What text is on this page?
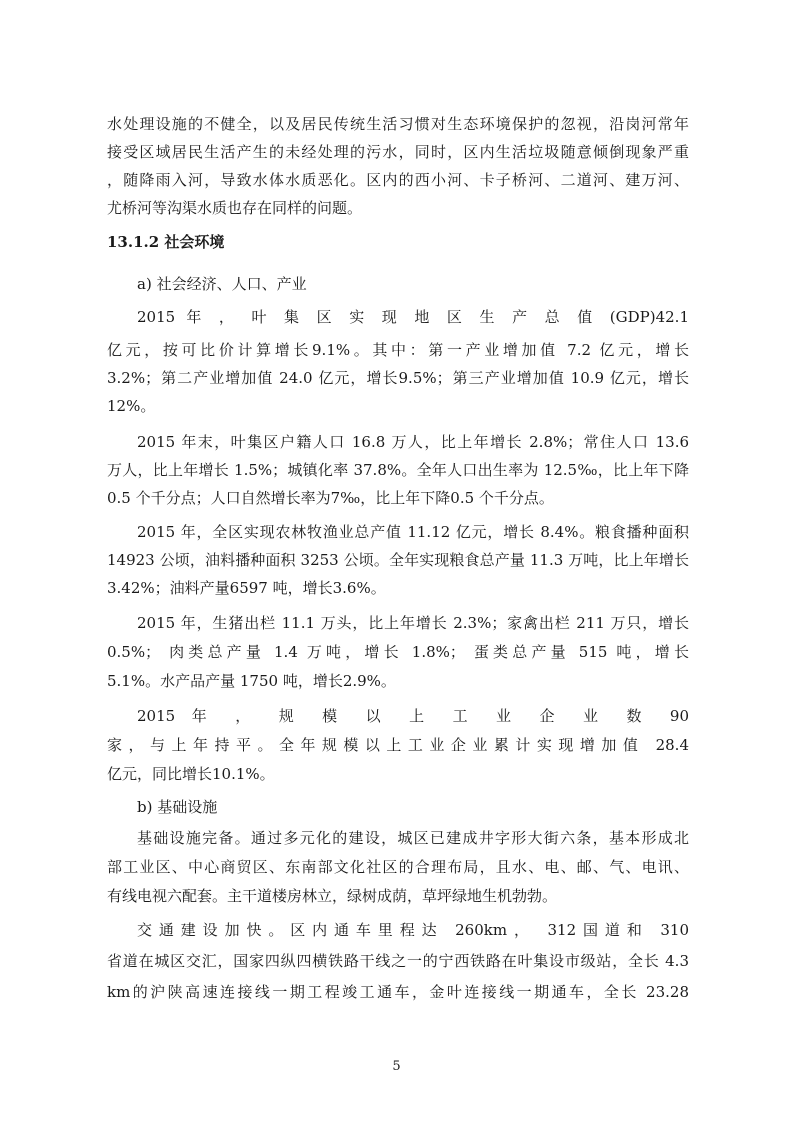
水处理设施的不健全，以及居民传统生活习惯对生态环境保护的忽视，沿岗河常年
接受区域居民生活产生的未经处理的污水，同时，区内生活垃圾随意倾倒现象严重
，随降雨入河，导致水体水质恶化。区内的西小河、卡子桥河、二道河、建万河、
尤桥河等沟渠水质也存在同样的问题。
13.1.2 社会环境
a) 社会经济、人口、产业
2015 年 ， 叶 集 区 实 现 地 区 生 产 总 值 (GDP)42.1
亿元，按可比价计算增长9.1%。其中：第一产业增加值 7.2 亿元，增长
3.2%；第二产业增加值 24.0 亿元，增长9.5%；第三产业增加值 10.9 亿元，增长
12%。
2015 年末，叶集区户籍人口 16.8 万人，比上年增长 2.8%；常住人口 13.6
万人，比上年增长 1.5%；城镇化率 37.8%。全年人口出生率为 12.5‰，比上年下降
0.5 个千分点；人口自然增长率为7‰，比上年下降0.5 个千分点。
2015 年，全区实现农林牧渔业总产值 11.12 亿元，增长 8.4%。粮食播种面积
14923 公顷，油料播种面积 3253 公顷。全年实现粮食总产量 11.3 万吨，比上年增长
3.42%；油料产量6597 吨，增长3.6%。
2015 年，生猪出栏 11.1 万头，比上年增长 2.3%；家禽出栏 211 万只，增长
0.5%； 肉类总产量 1.4 万吨，增长 1.8%； 蛋类总产量 515 吨，增长
5.1%。水产品产量 1750 吨，增长2.9%。
2015 年 ， 规 模 以 上 工 业 企 业 数 90
家，与上年持平。全年规模以上工业企业累计实现增加值 28.4
亿元，同比增长10.1%。
b) 基础设施
基础设施完备。通过多元化的建设，城区已建成井字形大街六条，基本形成北
部工业区、中心商贸区、东南部文化社区的合理布局，且水、电、邮、气、电讯、
有线电视六配套。主干道楼房林立，绿树成荫，草坪绿地生机勃勃。
交通建设加快。区内通车里程达 260km， 312国道和 310
省道在城区交汇，国家四纵四横铁路干线之一的宁西铁路在叶集设市级站，全长 4.3
km的沪陕高速连接线一期工程竣工通车，金叶连接线一期通车，全长 23.28
5
